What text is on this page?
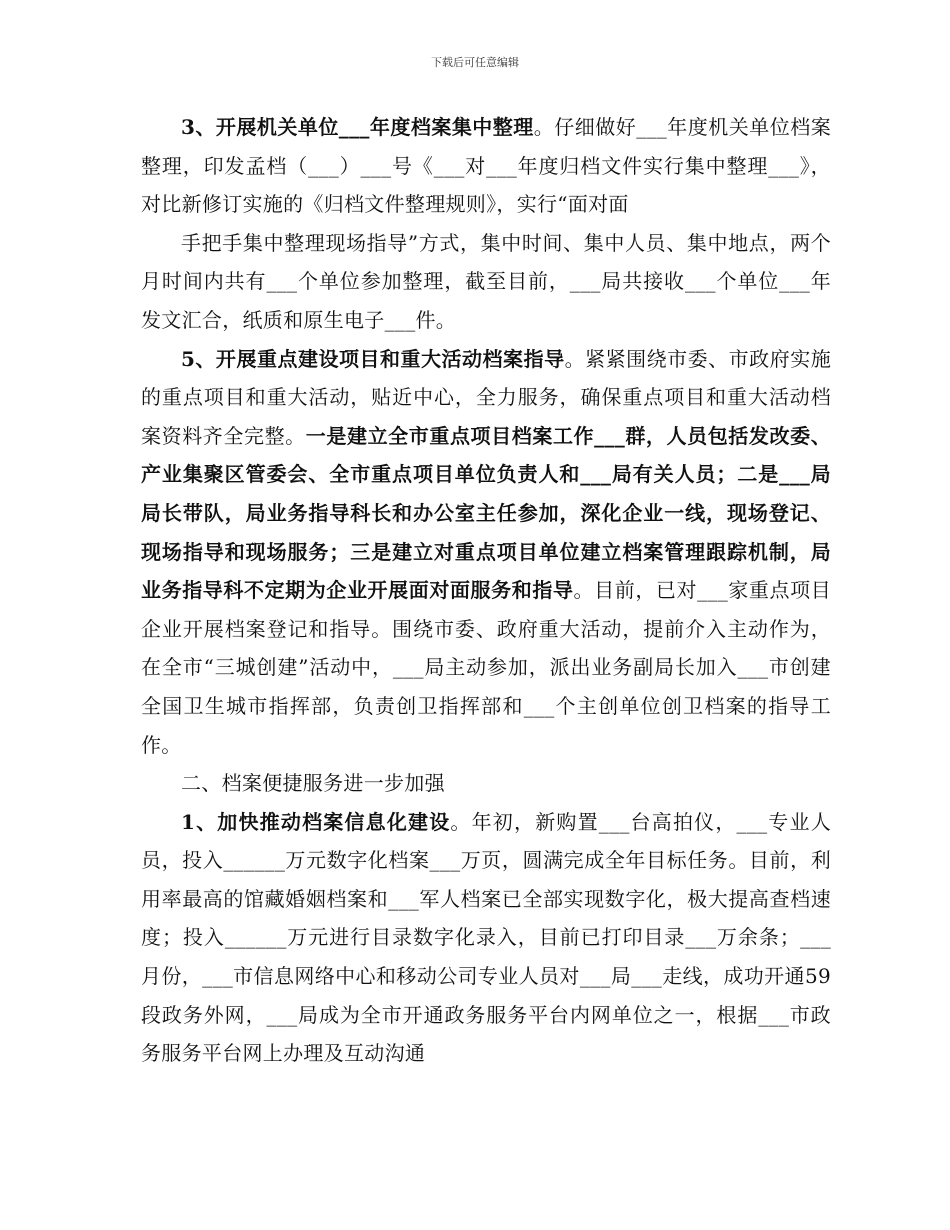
下载后可任意编辑

3、开展机关单位___年度档案集中整理。仔细做好___年度机关单位档案整理，印发孟档（___）___号《___对___年度归档文件实行集中整理___》，对比新修订实施的《归档文件整理规则》，实行“面对面

手把手集中整理现场指导”方式，集中时间、集中人员、集中地点，两个月时间内共有___个单位参加整理，截至目前，___局共接收___个单位___年发文汇合，纸质和原生电子___件。

5、开展重点建设项目和重大活动档案指导。紧紧围绕市委、市政府实施的重点项目和重大活动，贴近中心，全力服务，确保重点项目和重大活动档案资料齐全完整。一是建立全市重点项目档案工作___群，人员包括发改委、产业集聚区管委会、全市重点项目单位负责人和___局有关人员；二是___局局长带队，局业务指导科长和办公室主任参加，深化企业一线，现场登记、现场指导和现场服务；三是建立对重点项目单位建立档案管理跟踪机制，局业务指导科不定期为企业开展面对面服务和指导。目前，已对___家重点项目企业开展档案登记和指导。围绕市委、政府重大活动，提前介入主动作为，在全市“三城创建”活动中，___局主动参加，派出业务副局长加入___市创建全国卫生城市指挥部，负责创卫指挥部和___个主创单位创卫档案的指导工作。

二、档案便捷服务进一步加强

1、加快推动档案信息化建设。年初，新购置___台高拍仪，___专业人员，投入______万元数字化档案___万页，圆满完成全年目标任务。目前，利用率最高的馆藏婚姻档案和___军人档案已全部实现数字化，极大提高查档速度；投入______万元进行目录数字化录入，目前已打印目录___万余条；___月份，___市信息网络中心和移动公司专业人员对___局___走线，成功开通59段政务外网，___局成为全市开通政务服务平台内网单位之一，根据___市政务服务平台网上办理及互动沟通
